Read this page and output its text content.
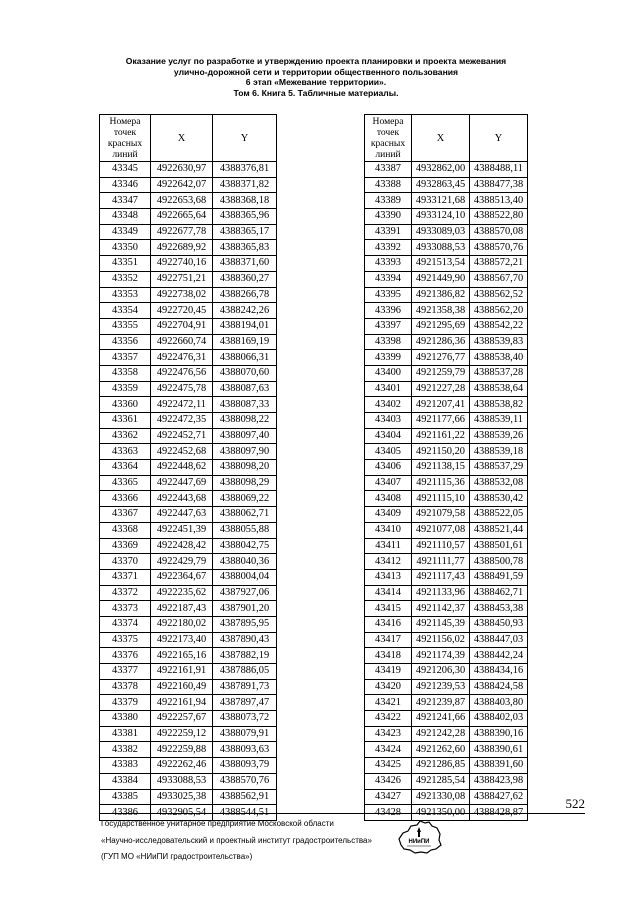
Оказание услуг по разработке и утверждению проекта планировки и проекта межевания
улично-дорожной сети и территории общественного пользования
6 этап «Межевание территории».
Том 6. Книга 5. Табличные материалы.
Номера точек красных линий	X	Y
43345	4922630,97	4388376,81
43346	4922642,07	4388371,82
43347	4922653,68	4388368,18
43348	4922665,64	4388365,96
43349	4922677,78	4388365,17
43350	4922689,92	4388365,83
43351	4922740,16	4388371,60
43352	4922751,21	4388360,27
43353	4922738,02	4388266,78
43354	4922720,45	4388242,26
43355	4922704,91	4388194,01
43356	4922660,74	4388169,19
43357	4922476,31	4388066,31
43358	4922476,56	4388070,60
43359	4922475,78	4388087,63
43360	4922472,11	4388087,33
43361	4922472,35	4388098,22
43362	4922452,71	4388097,40
43363	4922452,68	4388097,90
43364	4922448,62	4388098,20
43365	4922447,69	4388098,29
43366	4922443,68	4388069,22
43367	4922447,63	4388062,71
43368	4922451,39	4388055,88
43369	4922428,42	4388042,75
43370	4922429,79	4388040,36
43371	4922364,67	4388004,04
43372	4922235,62	4387927,06
43373	4922187,43	4387901,20
43374	4922180,02	4387895,95
43375	4922173,40	4387890,43
43376	4922165,16	4387882,19
43377	4922161,91	4387886,05
43378	4922160,49	4387891,73
43379	4922161,94	4387897,47
43380	4922257,67	4388073,72
43381	4922259,12	4388079,91
43382	4922259,88	4388093,63
43383	4922262,46	4388093,79
43384	4933088,53	4388570,76
43385	4933025,38	4388562,91
43386	4932905,54	4388544,51
Номера точек красных линий	X	Y
43387	4932862,00	4388488,11
43388	4932863,45	4388477,38
43389	4933121,68	4388513,40
43390	4933124,10	4388522,80
43391	4933089,03	4388570,08
43392	4933088,53	4388570,76
43393	4921513,54	4388572,21
43394	4921449,90	4388567,70
43395	4921386,82	4388562,52
43396	4921358,38	4388562,20
43397	4921295,69	4388542,22
43398	4921286,36	4388539,83
43399	4921276,77	4388538,40
43400	4921259,79	4388537,28
43401	4921227,28	4388538,64
43402	4921207,41	4388538,82
43403	4921177,66	4388539,11
43404	4921161,22	4388539,26
43405	4921150,20	4388539,18
43406	4921138,15	4388537,29
43407	4921115,36	4388532,08
43408	4921115,10	4388530,42
43409	4921079,58	4388522,05
43410	4921077,08	4388521,44
43411	4921110,57	4388501,61
43412	4921111,77	4388500,78
43413	4921117,43	4388491,59
43414	4921133,96	4388462,71
43415	4921142,37	4388453,38
43416	4921145,39	4388450,93
43417	4921156,02	4388447,03
43418	4921174,39	4388442,24
43419	4921206,30	4388434,16
43420	4921239,53	4388424,58
43421	4921239,87	4388403,80
43422	4921241,66	4388402,03
43423	4921242,28	4388390,16
43424	4921262,60	4388390,61
43425	4921286,85	4388391,60
43426	4921285,54	4388423,98
43427	4921330,08	4388427,62
43428	4921350,00	4388428,87
522
Государственное унитарное предприятие Московской области
«Научно-исследовательский и проектный институт градостроительства»
(ГУП МО «НИиПИ градостроительства»)
НИиПИ
